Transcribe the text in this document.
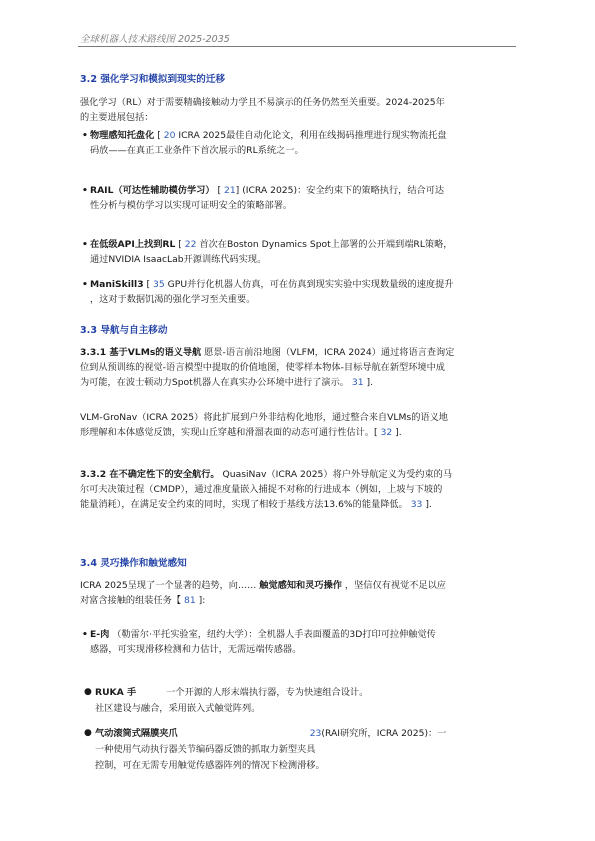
全球机器人技术路线图 2025-2035
3.2 强化学习和模拟到现实的迁移
强化学习（RL）对于需要精确接触动力学且不易演示的任务仍然至关重要。2024-2025年
的主要进展包括：
• 物理感知托盘化 [ 20 ICRA 2025最佳自动化论文，利用在线揭码推理进行现实物流托盘
码放——在真正工业条件下首次展示的RL系统之一。
• RAIL（可达性辅助模仿学习） [ 21] (ICRA 2025)：安全约束下的策略执行，结合可达
性分析与模仿学习以实现可证明安全的策略部署。
• 在低级API上找到RL [ 22 首次在Boston Dynamics Spot上部署的公开端到端RL策略，
通过NVIDIA IsaacLab开源训练代码实现。
• ManiSkill3 [ 35 GPU并行化机器人仿真，可在仿真到现实实验中实现数量级的速度提升
，这对于数据饥渴的强化学习至关重要。
3.3 导航与自主移动
3.3.1 基于VLMs的语义导航 愿景-语言前沿地图（VLFM，ICRA 2024）通过将语言查询定
位到从预训练的视觉-语言模型中提取的价值地图，使零样本物体-目标导航在新型环境中成
为可能，在波士顿动力Spot机器人在真实办公环境中进行了演示。 31 ].
VLM-GroNav（ICRA 2025）将此扩展到户外非结构化地形，通过整合来自VLMs的语义地
形理解和本体感觉反馈，实现山丘穿越和滑溜表面的动态可通行性估计。[ 32 ].
3.3.2 在不确定性下的安全航行。 QuasiNav（ICRA 2025）将户外导航定义为受约束的马
尔可夫决策过程（CMDP），通过准度量嵌入捕捉不对称的行进成本（例如，上坡与下坡的
能量消耗），在满足安全约束的同时，实现了相较于基线方法13.6%的能量降低。 33 ].
3.4 灵巧操作和触觉感知
ICRA 2025呈现了一个显著的趋势，向…… 触觉感知和灵巧操作 ，坚信仅有视觉不足以应
对富含接触的组装任务【 81 ]:
• E-肉 （勒雷尔·平托实验室，纽约大学）：全机器人手表面覆盖的3D打印可拉伸触觉传
感器，可实现滑移检测和力估计，无需远端传感器。
● RUKA 手	一个开源的人形末端执行器，专为快速组合设计。
社区建设与融合，采用嵌入式触觉阵列。
● 气动滚筒式隔膜夹爪	23(RAI研究所，ICRA 2025)：一
一种使用气动执行器关节编码器反馈的抓取力新型夹具
控制，可在无需专用触觉传感器阵列的情况下检测滑移。
